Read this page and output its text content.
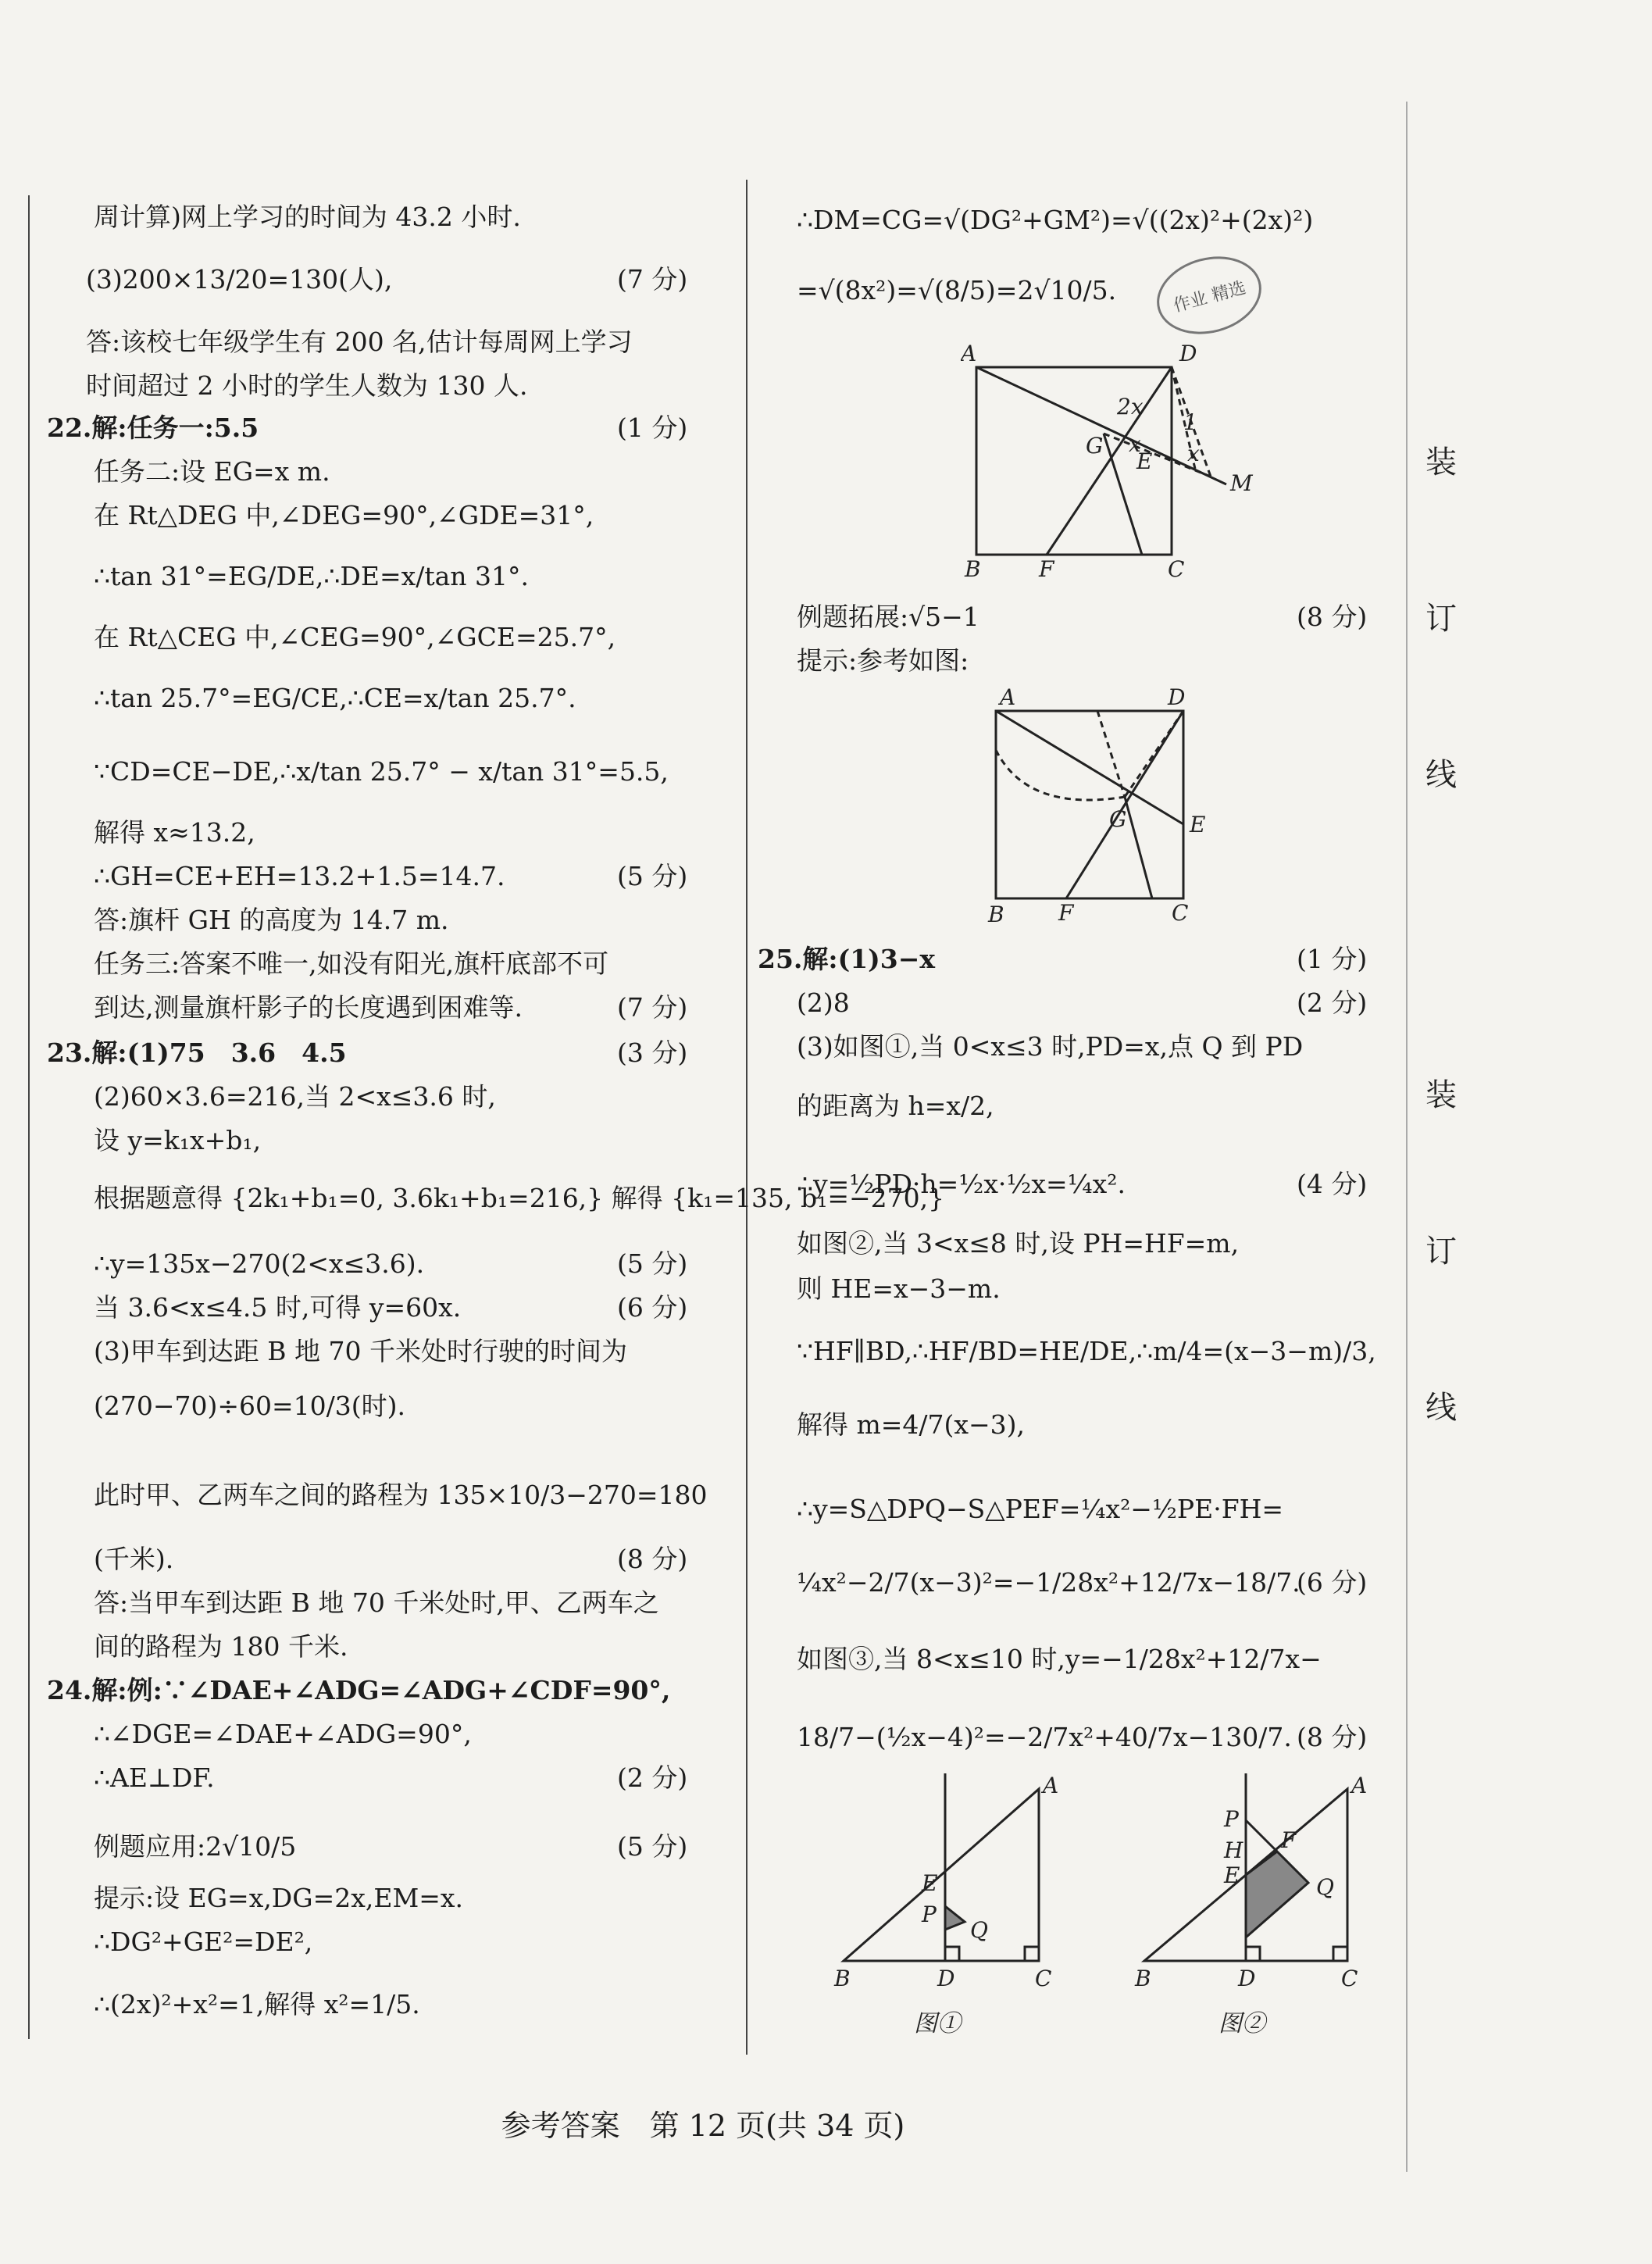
周计算)网上学习的时间为 43.2 小时.
(3)200×13/20=130(人),	(7 分)
答:该校七年级学生有 200 名,估计每周网上学习
时间超过 2 小时的学生人数为 130 人.
22.解:任务一:5.5	(1 分)
任务二:设 EG=x m.
在 Rt△DEG 中,∠DEG=90°,∠GDE=31°,
∴tan 31°=EG/DE,∴DE=x/tan 31°.
在 Rt△CEG 中,∠CEG=90°,∠GCE=25.7°,
∴tan 25.7°=EG/CE,∴CE=x/tan 25.7°.
∵CD=CE−DE,∴x/tan 25.7° − x/tan 31°=5.5,
解得 x≈13.2,
∴GH=CE+EH=13.2+1.5=14.7.	(5 分)
答:旗杆 GH 的高度为 14.7 m.
任务三:答案不唯一,如没有阳光,旗杆底部不可
到达,测量旗杆影子的长度遇到困难等.	(7 分)
23.解:(1)75　3.6　4.5	(3 分)
(2)60×3.6=216,当 2<x≤3.6 时,
设 y=k₁x+b₁,
根据题意得 {2k₁+b₁=0, 3.6k₁+b₁=216,} 解得 {k₁=135, b₁=−270,}
∴y=135x−270(2<x≤3.6).	(5 分)
当 3.6<x≤4.5 时,可得 y=60x.	(6 分)
(3)甲车到达距 B 地 70 千米处时行驶的时间为
(270−70)÷60=10/3(时).
此时甲、乙两车之间的路程为 135×10/3−270=180
(千米).	(8 分)
答:当甲车到达距 B 地 70 千米处时,甲、乙两车之
间的路程为 180 千米.
24.解:例:∵∠DAE+∠ADG=∠ADG+∠CDF=90°,
∴∠DGE=∠DAE+∠ADG=90°,
∴AE⊥DF.	(2 分)
例题应用:2√10/5	(5 分)
提示:设 EG=x,DG=2x,EM=x.
∴DG²+GE²=DE²,
∴(2x)²+x²=1,解得 x²=1/5.
∴DM=CG=√(DG²+GM²)=√((2x)²+(2x)²)
=√(8x²)=√(8/5)=2√10/5.
例题拓展:√5−1	(8 分)
提示:参考如图:
25.解:(1)3−x	(1 分)
(2)8	(2 分)
(3)如图①,当 0<x≤3 时,PD=x,点 Q 到 PD
的距离为 h=x/2,
∴y=½PD·h=½x·½x=¼x².	(4 分)
如图②,当 3<x≤8 时,设 PH=HF=m,
则 HE=x−3−m.
∵HF∥BD,∴HF/BD=HE/DE,∴m/4=(x−3−m)/3,
解得 m=4/7(x−3),
∴y=S△DPQ−S△PEF=¼x²−½PE·FH=
¼x²−2/7(x−3)²=−1/28x²+12/7x−18/7.
(6 分)
如图③,当 8<x≤10 时,y=−1/28x²+12/7x−
18/7−(½x−4)²=−2/7x²+40/7x−130/7. (8 分)
作业 精选
A	D
B	F	C
G
E
M
2x
x
1
x
A	D
B F	C
G	E
A
E
P
Q
B	D	C
图①
A
P
H F
E	Q
B	D	C
图②
装
订
线
装
订
线
参考答案　第 12 页(共 34 页)
